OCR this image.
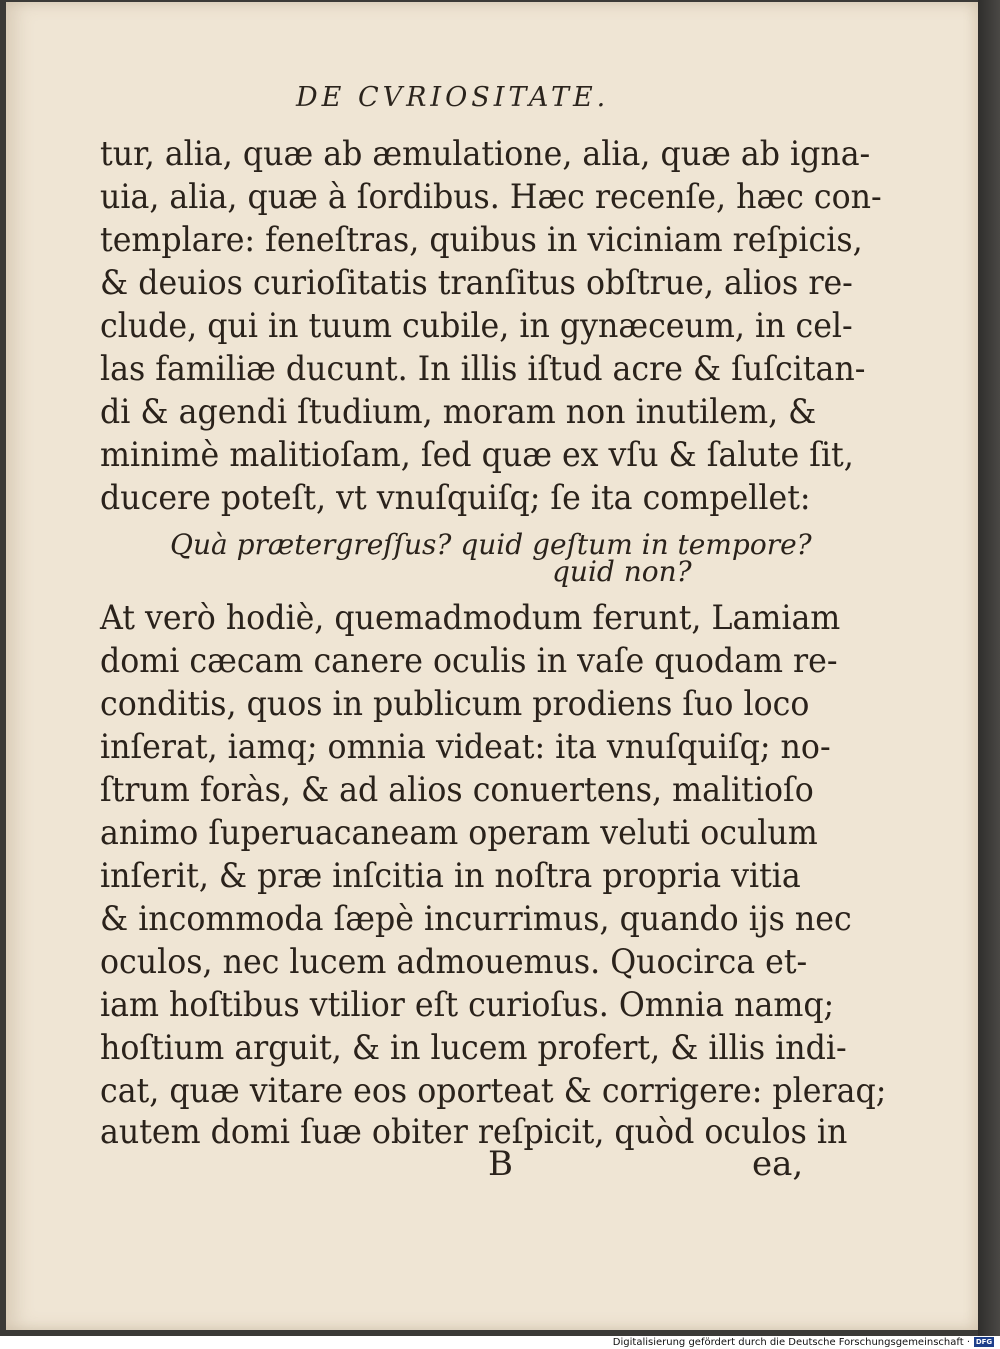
DE CVRIOSITATE.
tur, alia, quæ ab æmulatione, alia, quæ ab igna-
uia, alia, quæ à ſordibus. Hæc recenſe, hæc con-
templare: feneſtras, quibus in viciniam reſpicis,
& deuios curioſitatis tranſitus obſtrue, alios re-
clude, qui in tuum cubile, in gynæceum, in cel-
las familiæ ducunt. In illis iſtud acre & ſuſcitan-
di & agendi ſtudium, moram non inutilem, &
minimè malitioſam, ſed quæ ex vſu & ſalute ſit,
ducere poteſt, vt vnuſquiſq; ſe ita compellet:
Quà prætergreſſus? quid geſtum in tempore?
quid non?
At verò hodiè, quemadmodum ferunt, Lamiam
domi cæcam canere oculis in vaſe quodam re-
conditis, quos in publicum prodiens ſuo loco
inſerat, iamq; omnia videat: ita vnuſquiſq; no-
ſtrum foràs, & ad alios conuertens, malitioſo
animo ſuperuacaneam operam veluti oculum
inſerit, & præ inſcitia in noſtra propria vitia
& incommoda ſæpè incurrimus, quando ijs nec
oculos, nec lucem admouemus. Quocirca et-
iam hoſtibus vtilior eſt curioſus. Omnia namq;
hoſtium arguit, & in lucem profert, & illis indi-
cat, quæ vitare eos oporteat & corrigere: pleraq;
autem domi ſuæ obiter reſpicit, quòd oculos in
B	ea,
Digitalisierung gefördert durch die Deutsche Forschungsgemeinschaft · DFG
